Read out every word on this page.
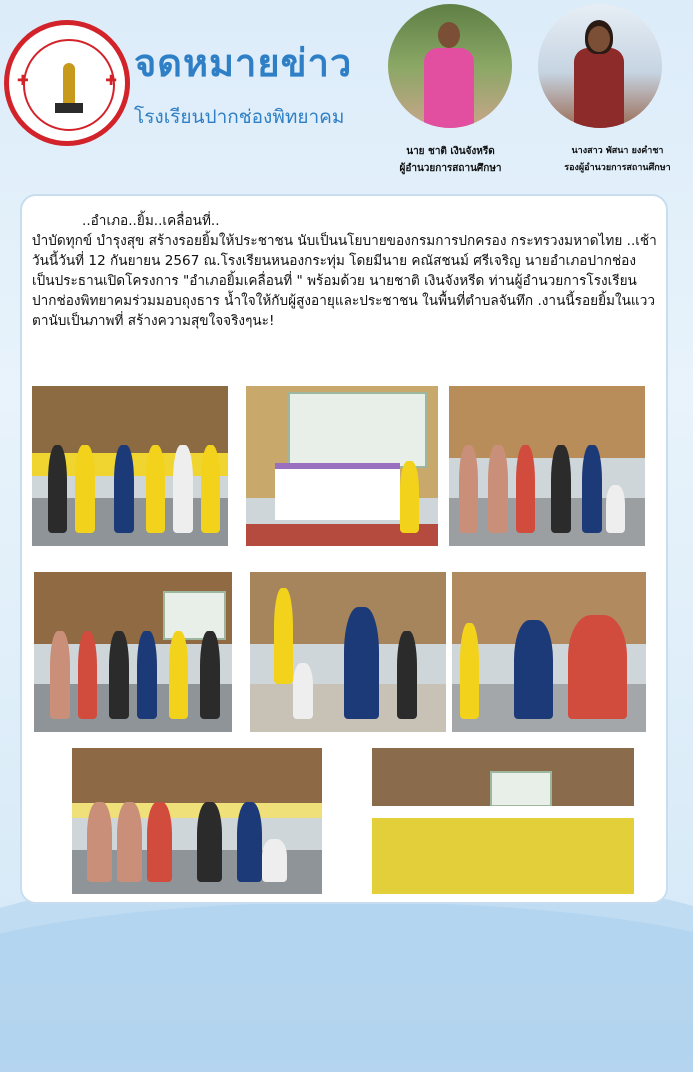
✚	✚ จดหมายข่าว
โรงเรียนปากช่องพิทยาคม
นาย ชาติ เงินจังหรีด
ผู้อำนวยการสถานศึกษา
นางสาว พัสนา ยงคำชา
รองผู้อำนวยการสถานศึกษา

..อำเภอ..ยิ้ม..เคลื่อนที่..

บำบัดทุกข์ บำรุงสุข สร้างรอยยิ้มให้ประชาชน นับเป็นนโยบายของกรมการปกครอง กระทรวงมหาดไทย ..เช้าวันนี้วันที่ 12 กันยายน 2567 ณ.โรงเรียนหนองกระทุ่ม โดยมีนาย คณัสชนม์ ศรีเจริญ นายอำเภอปากช่อง เป็นประธานเปิดโครงการ "อำเภอยิ้มเคลื่อนที่ " พร้อมด้วย นายชาติ เงินจังหรีด ท่านผู้อำนวยการโรงเรียนปากช่องพิทยาคมร่วมมอบถุงธาร น้ำใจให้กับผู้สูงอายุและประชาชน ในพื้นที่ตำบลจันทึก .งานนี้รอยยิ้มในแววตานับเป็นภาพที่ สร้างความสุขใจจริงๆนะ!
